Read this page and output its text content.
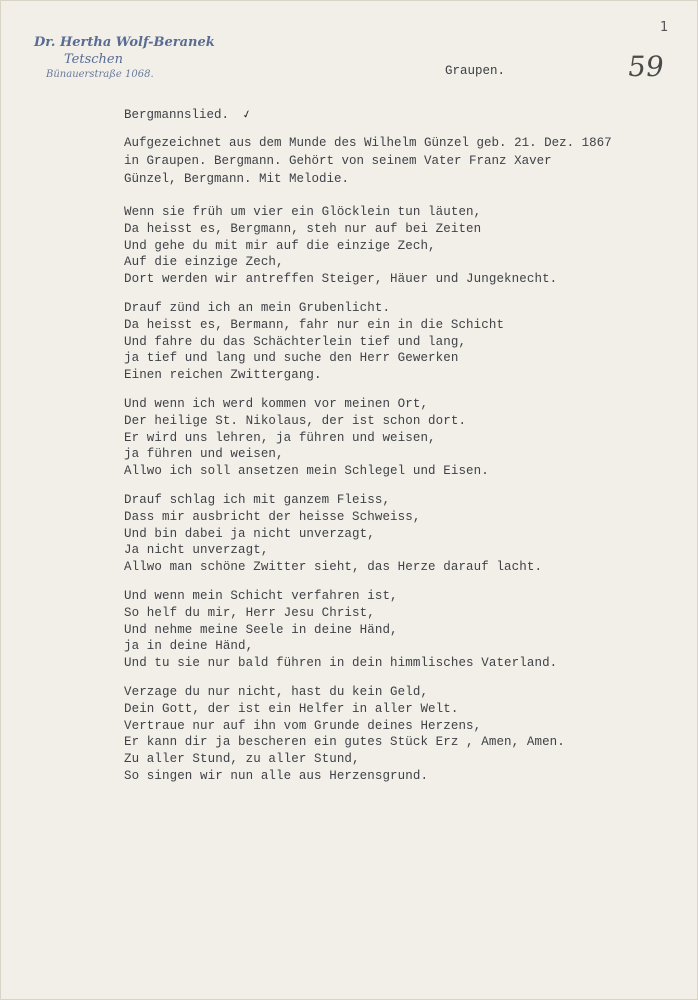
Dr. Hertha Wolf-Beranek
Tetschen
Bünauerstraße 1068.
1
59
Graupen.
Bergmannslied. ✓
Aufgezeichnet aus dem Munde des Wilhelm Günzel geb. 21. Dez. 1867
in Graupen. Bergmann. Gehört von seinem Vater Franz Xaver
Günzel, Bergmann. Mit Melodie.
Wenn sie früh um vier ein Glöcklein tun läuten,
Da heisst es, Bergmann, steh nur auf bei Zeiten
Und gehe du mit mir auf die einzige Zech,
Auf die einzige Zech,
Dort werden wir antreffen Steiger, Häuer und Jungeknecht.
Drauf zünd ich an mein Grubenlicht.
Da heisst es, Bermann, fahr nur ein in die Schicht
Und fahre du das Schächterlein tief und lang,
ja tief und lang und suche den Herr Gewerken
Einen reichen Zwittergang.
Und wenn ich werd kommen vor meinen Ort,
Der heilige St. Nikolaus, der ist schon dort.
Er wird uns lehren, ja führen und weisen,
ja führen und weisen,
Allwo ich soll ansetzen mein Schlegel und Eisen.
Drauf schlag ich mit ganzem Fleiss,
Dass mir ausbricht der heisse Schweiss,
Und bin dabei ja nicht unverzagt,
Ja nicht unverzagt,
Allwo man schöne Zwitter sieht, das Herze darauf lacht.
Und wenn mein Schicht verfahren ist,
So helf du mir, Herr Jesu Christ,
Und nehme meine Seele in deine Händ,
ja in deine Händ,
Und tu sie nur bald führen in dein himmlisches Vaterland.
Verzage du nur nicht, hast du kein Geld,
Dein Gott, der ist ein Helfer in aller Welt.
Vertraue nur auf ihn vom Grunde deines Herzens,
Er kann dir ja bescheren ein gutes Stück Erz , Amen, Amen.
Zu aller Stund, zu aller Stund,
So singen wir nun alle aus Herzensgrund.
